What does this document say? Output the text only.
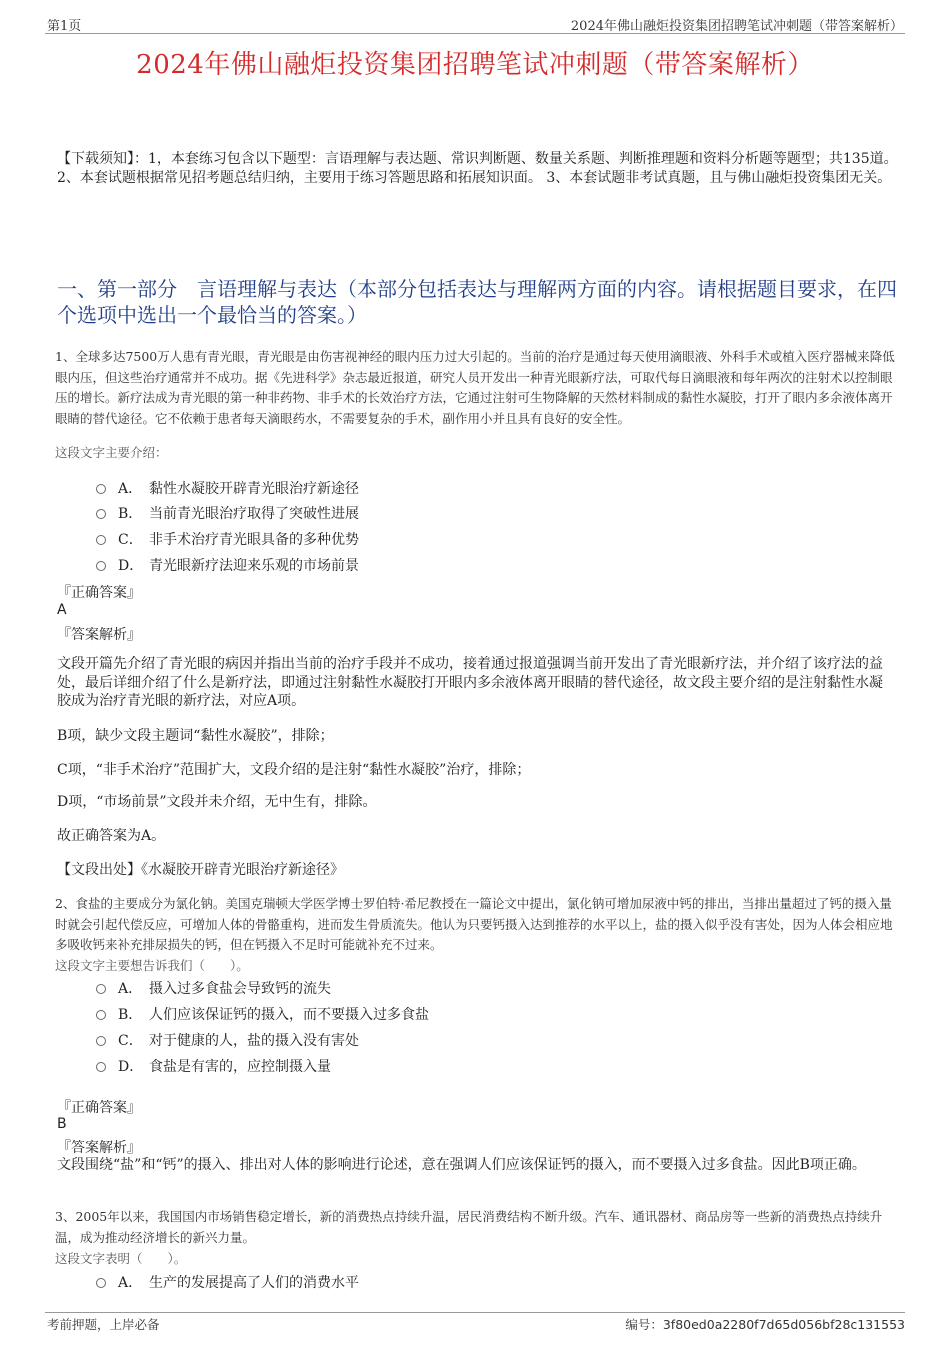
第1页	2024年佛山融炬投资集团招聘笔试冲刺题（带答案解析）
2024年佛山融炬投资集团招聘笔试冲刺题（带答案解析）
【下载须知】：1，本套练习包含以下题型：言语理解与表达题、常识判断题、数量关系题、判断推理题和资料分析题等题型；共135道。 2、本套试题根据常见招考题总结归纳，主要用于练习答题思路和拓展知识面。 3、本套试题非考试真题，且与佛山融炬投资集团无关。
一、第一部分　言语理解与表达（本部分包括表达与理解两方面的内容。请根据题目要求，在四个选项中选出一个最恰当的答案。）
1、全球多达7500万人患有青光眼，青光眼是由伤害视神经的眼内压力过大引起的。当前的治疗是通过每天使用滴眼液、外科手术或植入医疗器械来降低眼内压，但这些治疗通常并不成功。据《先进科学》杂志最近报道，研究人员开发出一种青光眼新疗法，可取代每日滴眼液和每年两次的注射术以控制眼压的增长。新疗法成为青光眼的第一种非药物、非手术的长效治疗方法，它通过注射可生物降解的天然材料制成的黏性水凝胶，打开了眼内多余液体离开眼睛的替代途径。它不依赖于患者每天滴眼药水，不需要复杂的手术，副作用小并且具有良好的安全性。
这段文字主要介绍：
A． 黏性水凝胶开辟青光眼治疗新途径
B． 当前青光眼治疗取得了突破性进展
C． 非手术治疗青光眼具备的多种优势
D． 青光眼新疗法迎来乐观的市场前景
『正确答案』
A
『答案解析』
文段开篇先介绍了青光眼的病因并指出当前的治疗手段并不成功，接着通过报道强调当前开发出了青光眼新疗法，并介绍了该疗法的益处，最后详细介绍了什么是新疗法，即通过注射黏性水凝胶打开眼内多余液体离开眼睛的替代途径，故文段主要介绍的是注射黏性水凝胶成为治疗青光眼的新疗法，对应A项。
B项，缺少文段主题词“黏性水凝胶”，排除；
C项，“非手术治疗”范围扩大，文段介绍的是注射“黏性水凝胶”治疗，排除；
D项，“市场前景”文段并未介绍，无中生有，排除。
故正确答案为A。
【文段出处】《水凝胶开辟青光眼治疗新途径》
2、食盐的主要成分为氯化钠。美国克瑞顿大学医学博士罗伯特·希尼教授在一篇论文中提出，氯化钠可增加尿液中钙的排出，当排出量超过了钙的摄入量时就会引起代偿反应，可增加人体的骨骼重构，进而发生骨质流失。他认为只要钙摄入达到推荐的水平以上，盐的摄入似乎没有害处，因为人体会相应地多吸收钙来补充排尿损失的钙，但在钙摄入不足时可能就补充不过来。
这段文字主要想告诉我们（　　）。
A． 摄入过多食盐会导致钙的流失
B． 人们应该保证钙的摄入，而不要摄入过多食盐
C． 对于健康的人，盐的摄入没有害处
D． 食盐是有害的，应控制摄入量
『正确答案』
B
『答案解析』
文段围绕“盐”和“钙”的摄入、排出对人体的影响进行论述，意在强调人们应该保证钙的摄入，而不要摄入过多食盐。因此B项正确。
3、2005年以来，我国国内市场销售稳定增长，新的消费热点持续升温，居民消费结构不断升级。汽车、通讯器材、商品房等一些新的消费热点持续升温，成为推动经济增长的新兴力量。
这段文字表明（　　）。
A． 生产的发展提高了人们的消费水平
考前押题，上岸必备	编号：3f80ed0a2280f7d65d056bf28c131553
